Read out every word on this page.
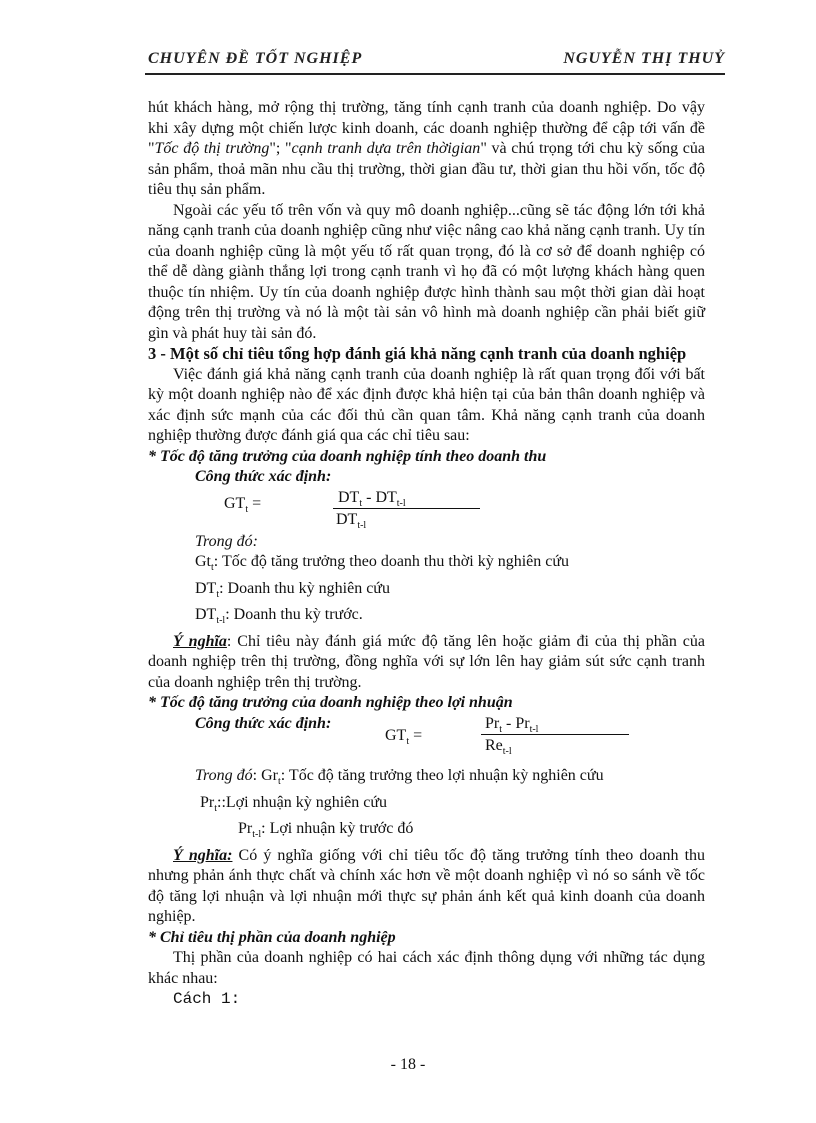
CHUYÊN ĐỀ TỐT NGHIỆP	NGUYỄN THỊ THUỶ

hút khách hàng, mở rộng thị trường, tăng tính cạnh tranh của doanh nghiệp. Do vậy khi xây dựng một chiến lược kinh doanh, các doanh nghiệp thường để cập tới vấn đề "Tốc độ thị trường"; "cạnh tranh dựa trên thờigian" và chú trọng tới chu kỳ sống của sản phẩm, thoả mãn nhu cầu thị trường, thời gian đầu tư, thời gian thu hồi vốn, tốc độ tiêu thụ sản phẩm.

Ngoài các yếu tố trên vốn và quy mô doanh nghiệp...cũng sẽ tác động lớn tới khả năng cạnh tranh của doanh nghiệp cũng như việc nâng cao khả năng cạnh tranh. Uy tín của doanh nghiệp cũng là một yếu tố rất quan trọng, đó là cơ sở để doanh nghiệp có thể dễ dàng giành thắng lợi trong cạnh tranh vì họ đã có một lượng khách hàng quen thuộc tín nhiệm. Uy tín của doanh nghiệp được hình thành sau một thời gian dài hoạt động trên thị trường và nó là một tài sản vô hình mà doanh nghiệp cần phải biết giữ gìn và phát huy tài sản đó.

3 - Một số chỉ tiêu tổng hợp đánh giá khả năng cạnh tranh của doanh nghiệp

Việc đánh giá khả năng cạnh tranh của doanh nghiệp là rất quan trọng đối với bất kỳ một doanh nghiệp nào để xác định được khả hiện tại của bản thân doanh nghiệp và xác định sức mạnh của các đối thủ cần quan tâm. Khả năng cạnh tranh của doanh nghiệp thường được đánh giá qua các chỉ tiêu sau:

* Tốc độ tăng trưởng của doanh nghiệp tính theo doanh thu

Công thức xác định:

$GT_t$ =	$DT_t - DT_{t-l}$
$DT_{t-l}$

Trong đó:

$Gt_t$: Tốc độ tăng trưởng theo doanh thu thời kỳ nghiên cứu

$DT_t$: Doanh thu kỳ nghiên cứu

$DT_{t-l}$: Doanh thu kỳ trước.

Ý nghĩa: Chỉ tiêu này đánh giá mức độ tăng lên hoặc giảm đi của thị phần của doanh nghiệp trên thị trường, đồng nghĩa với sự lớn lên hay giảm sút sức cạnh tranh của doanh nghiệp trên thị trường.

* Tốc độ tăng trưởng của doanh nghiệp theo lợi nhuận

Công thức xác định:

$GT_t$ =
$Pr_t - Pr_{t-l}$
$Re_{t-l}$

Trong đó: $Gr_t$: Tốc độ tăng trưởng theo lợi nhuận kỳ nghiên cứu

$Pr_t::Lợi$ nhuận kỳ nghiên cứu

$Pr_{t-l}$: Lợi nhuận kỳ trước đó

Ý nghĩa: Có ý nghĩa giống với chỉ tiêu tốc độ tăng trưởng tính theo doanh thu nhưng phản ánh thực chất và chính xác hơn về một doanh nghiệp vì nó so sánh về tốc độ tăng lợi nhuận và lợi nhuận mới thực sự phản ánh kết quả kinh doanh của doanh nghiệp.

* Chỉ tiêu thị phần của doanh nghiệp

Thị phần của doanh nghiệp có hai cách xác định thông dụng với những tác dụng khác nhau:

Cách 1:

- 18 -
